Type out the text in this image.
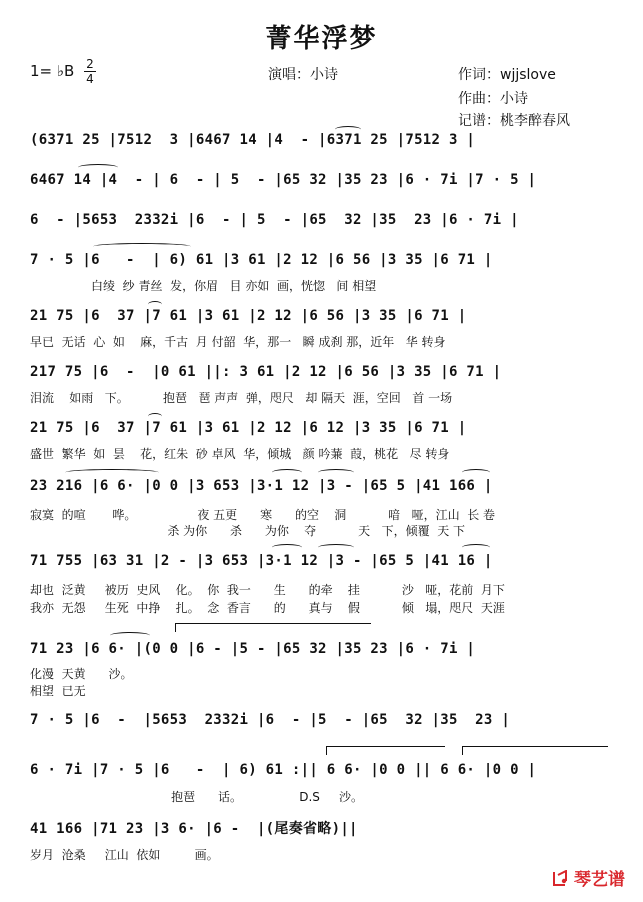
菁华浮梦
1= ♭B 2
4	演唱：小诗	作词：wjjslove
作曲：小诗
记谱：桃李醉春风
(6371 25 |7512  3 |6467 14 |4  - |6371 25 |7512 3 |
6467 14 |4  - | 6  - | 5  - |65 32 |35 23 |6 · 7i |7 · 5 |
6  - |5653  2332i |6  - | 5  - |65  32 |35  23 |6 · 7i |
7 · 5 |6   -  | 6) 61 |3 61 |2 12 |6 56 |3 35 |6 71 |
白绫  纱 青丝  发，你眉   目 亦如  画，恍惚   间 相望
21 75 |6  37 |7 61 |3 61 |2 12 |6 56 |3 35 |6 71 |
早已  无话  心  如    麻，千古  月 付韶  华，那一   瞬 成刹 那，近年   华 转身
217 75 |6  -  |0 61 ||: 3 61 |2 12 |6 56 |3 35 |6 71 |
泪流    如雨   下。         抱琶   琶 声声  弹，咫尺   却 隔天  涯，空回   首 一场
21 75 |6  37 |7 61 |3 61 |2 12 |6 12 |3 35 |6 71 |
盛世  繁华  如  昙    花，红朱  砂 卓风  华，倾城   颜 吟蒹  葭，桃花   尽 转身
23 216 |6 6· |0 0 |3 653 |3·1 12 |3 - |65 5 |41 166 |
寂寞  的喧       哗。                夜 五更      寒      的空    洞           喑   哑，江山  长 卷
杀 为你      杀      为你    夺           天   下，倾覆  天 下
71 755 |63 31 |2 - |3 653 |3·1 12 |3 - |65 5 |41 16 |
却也  泛黄     被历  史风    化。  你  我一      生      的牵    挂           沙   哑，花前  月下
我亦  无怨     生死  中挣    扎。  念  香言      的      真与    假           倾   塌，咫尺  天涯
71 23 |6 6· |(0 0 |6 - |5 - |65 32 |35 23 |6 · 7i |
化漫  天黄      沙。
相望  已无
7 · 5 |6  -  |5653  2332i |6  - |5  - |65  32 |35  23 |
6 · 7i |7 · 5 |6   -  | 6) 61 :|| 6 6· |0 0 || 6 6· |0 0 |
抱琶      话。               D.S     沙。
41 166 |71 23 |3 6· |6 -  |(尾奏省略)||
岁月  沧桑     江山  依如         画。
琴艺谱
